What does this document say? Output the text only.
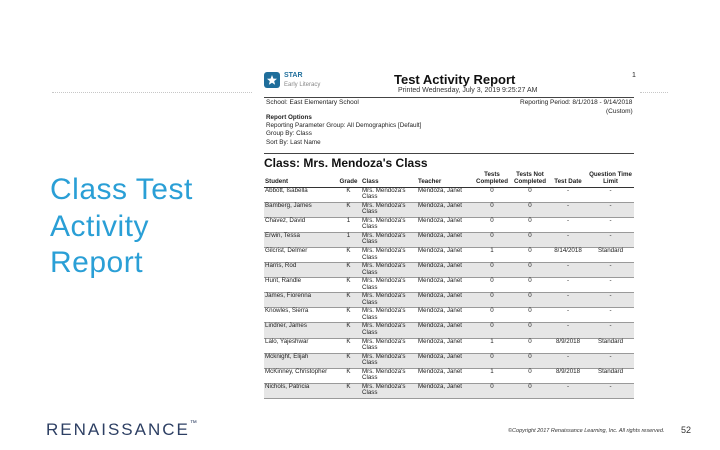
Class Test Activity Report
STAR
Early Literacy	Test Activity Report
Printed Wednesday, July 3, 2019 9:25:27 AM
1
School: East Elementary School	Reporting Period: 8/1/2018 - 9/14/2018
(Custom)
Report Options
Reporting Parameter Group: All Demographics [Default]
Group By: Class
Sort By: Last Name
Class: Mrs. Mendoza's Class
Student	Grade	Class	Teacher	Tests Completed	Tests Not Completed	Test Date	Question Time Limit
Abbott, Isabella	K	Mrs. Mendoza's Class	Mendoza, Janet	0	0	-	-
Bamberg, James	K	Mrs. Mendoza's Class	Mendoza, Janet	0	0	-	-
Chavez, David	1	Mrs. Mendoza's Class	Mendoza, Janet	0	0	-	-
Erwin, Tessa	1	Mrs. Mendoza's Class	Mendoza, Janet	0	0	-	-
Gilcrist, Delmer	K	Mrs. Mendoza's Class	Mendoza, Janet	1	0	8/14/2018	Standard
Harris, Rod	K	Mrs. Mendoza's Class	Mendoza, Janet	0	0	-	-
Hunt, Randle	K	Mrs. Mendoza's Class	Mendoza, Janet	0	0	-	-
James, Fiorenna	K	Mrs. Mendoza's Class	Mendoza, Janet	0	0	-	-
Knowles, Sierra	K	Mrs. Mendoza's Class	Mendoza, Janet	0	0	-	-
Lindner, James	K	Mrs. Mendoza's Class	Mendoza, Janet	0	0	-	-
Lalo, Yajeshwar	K	Mrs. Mendoza's Class	Mendoza, Janet	1	0	8/9/2018	Standard
Mcknight, Elijah	K	Mrs. Mendoza's Class	Mendoza, Janet	0	0	-	-
McKinney, Christopher	K	Mrs. Mendoza's Class	Mendoza, Janet	1	0	8/9/2018	Standard
Nichols, Patricia	K	Mrs. Mendoza's Class	Mendoza, Janet	0	0	-	-
RENAISSANCE™
©Copyright 2017 Renaissance Learning, Inc. All rights reserved. 52
